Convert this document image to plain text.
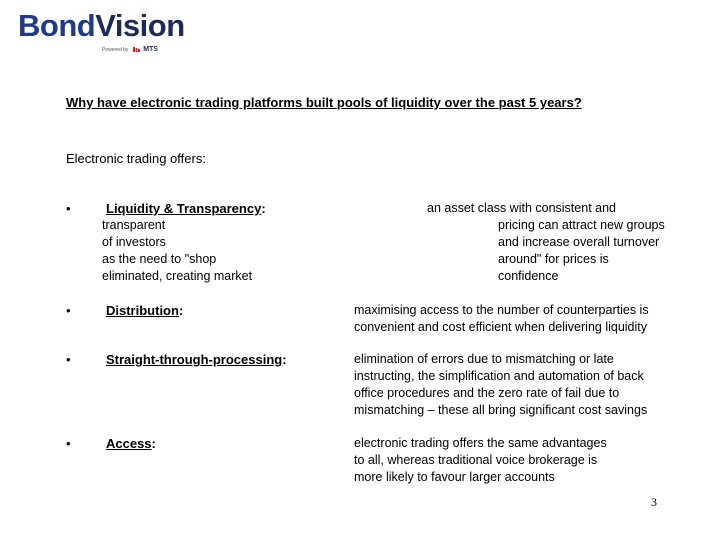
BondVision
Powered by MTS
Why have electronic trading platforms built pools of liquidity over the past 5 years?
Electronic trading offers:
•	Liquidity & Transparency:
transparent
of investors
as the need to "shop
eliminated, creating market
an asset class with consistent and
pricing can attract new groups
and increase overall turnover
around" for prices is
confidence
•	Distribution:	maximising access to the number of counterparties is
convenient and cost efficient when delivering liquidity
•	Straight-through-processing:	elimination of errors due to mismatching or late
instructing, the simplification and automation of back
office procedures and the zero rate of fail due to
mismatching – these all bring significant cost savings
•	Access:	electronic trading offers the same advantages
to all, whereas traditional voice brokerage is
more likely to favour larger accounts
3
